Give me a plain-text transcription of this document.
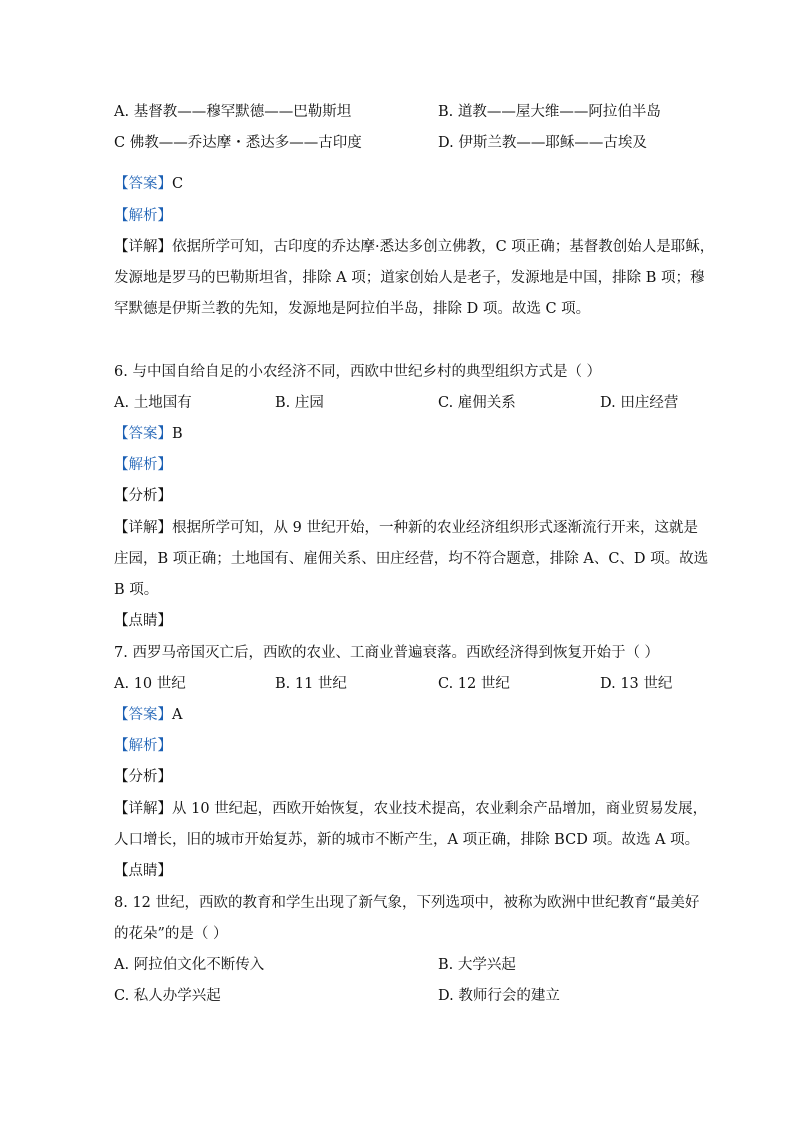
A. 基督教——穆罕默德——巴勒斯坦	B. 道教——屋大维——阿拉伯半岛
C 佛教——乔达摩・悉达多——古印度	D. 伊斯兰教——耶稣——古埃及
【答案】C
【解析】
【详解】依据所学可知，古印度的乔达摩·悉达多创立佛教，C 项正确；基督教创始人是耶稣，
发源地是罗马的巴勒斯坦省，排除 A 项；道家创始人是老子，发源地是中国，排除 B 项；穆
罕默德是伊斯兰教的先知，发源地是阿拉伯半岛，排除 D 项。故选 C 项。
6. 与中国自给自足的小农经济不同，西欧中世纪乡村的典型组织方式是（ ）
A. 土地国有	B. 庄园	C. 雇佣关系	D. 田庄经营
【答案】B
【解析】
【分析】
【详解】根据所学可知，从 9 世纪开始，一种新的农业经济组织形式逐渐流行开来，这就是
庄园，B 项正确；土地国有、雇佣关系、田庄经营，均不符合题意，排除 A、C、D 项。故选
B 项。
【点睛】
7. 西罗马帝国灭亡后，西欧的农业、工商业普遍衰落。西欧经济得到恢复开始于（ ）
A. 10 世纪	B. 11 世纪	C. 12 世纪	D. 13 世纪
【答案】A
【解析】
【分析】
【详解】从 10 世纪起，西欧开始恢复，农业技术提高，农业剩余产品增加，商业贸易发展，
人口增长，旧的城市开始复苏，新的城市不断产生，A 项正确，排除 BCD 项。故选 A 项。
【点睛】
8. 12 世纪，西欧的教育和学生出现了新气象，下列选项中，被称为欧洲中世纪教育“最美好
的花朵”的是（ ）
A. 阿拉伯文化不断传入	B. 大学兴起
C. 私人办学兴起	D. 教师行会的建立
